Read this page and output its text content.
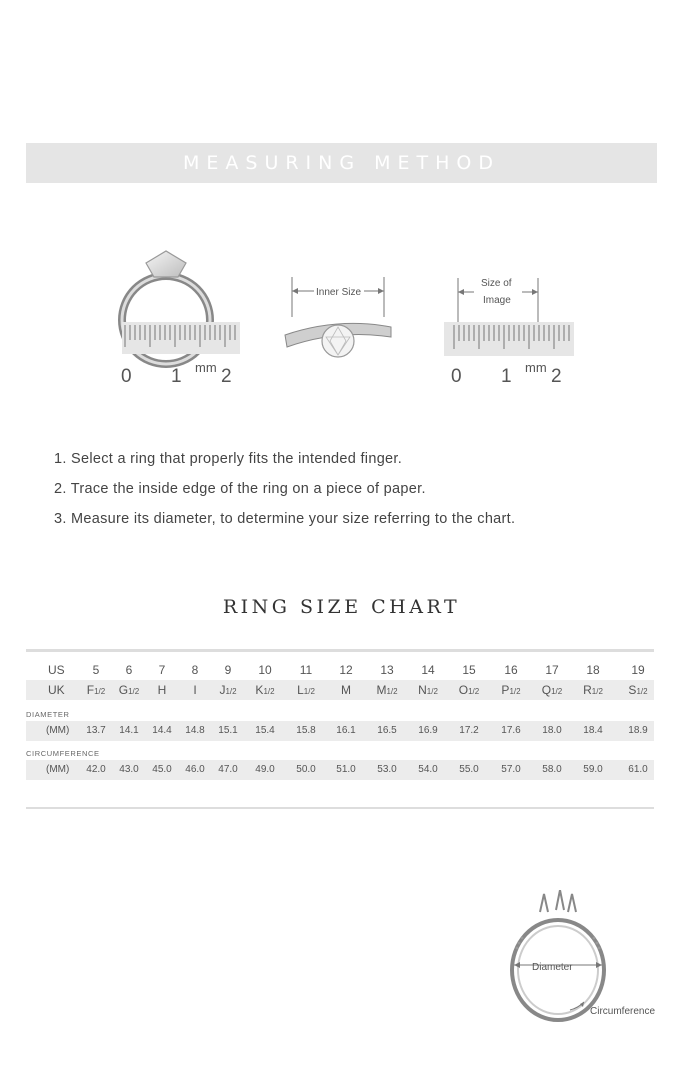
MEASURING METHOD
0 1 mm 2
Inner Size
Size of
Image
0 1 mm 2
1. Select a ring that properly fits the intended finger.
2. Trace the inside edge of the ring on a piece of paper.
3. Measure its diameter, to determine your size referring to the chart.
RING SIZE CHART
US	5	6	7	8	9	10	11	12	13	14	15	16	17	18	19
UK	F1/2	G1/2	H	I	J1/2	K1/2	L1/2	M	M1/2	N1/2	O1/2	P1/2	Q1/2	R1/2	S1/2
DIAMETER
(MM)	13.7	14.1	14.4	14.8	15.1	15.4	15.8	16.1	16.5	16.9	17.2	17.6	18.0	18.4	18.9
CIRCUMFERENCE
(MM)	42.0	43.0	45.0	46.0	47.0	49.0	50.0	51.0	53.0	54.0	55.0	57.0	58.0	59.0	61.0
Diameter
Circumference
